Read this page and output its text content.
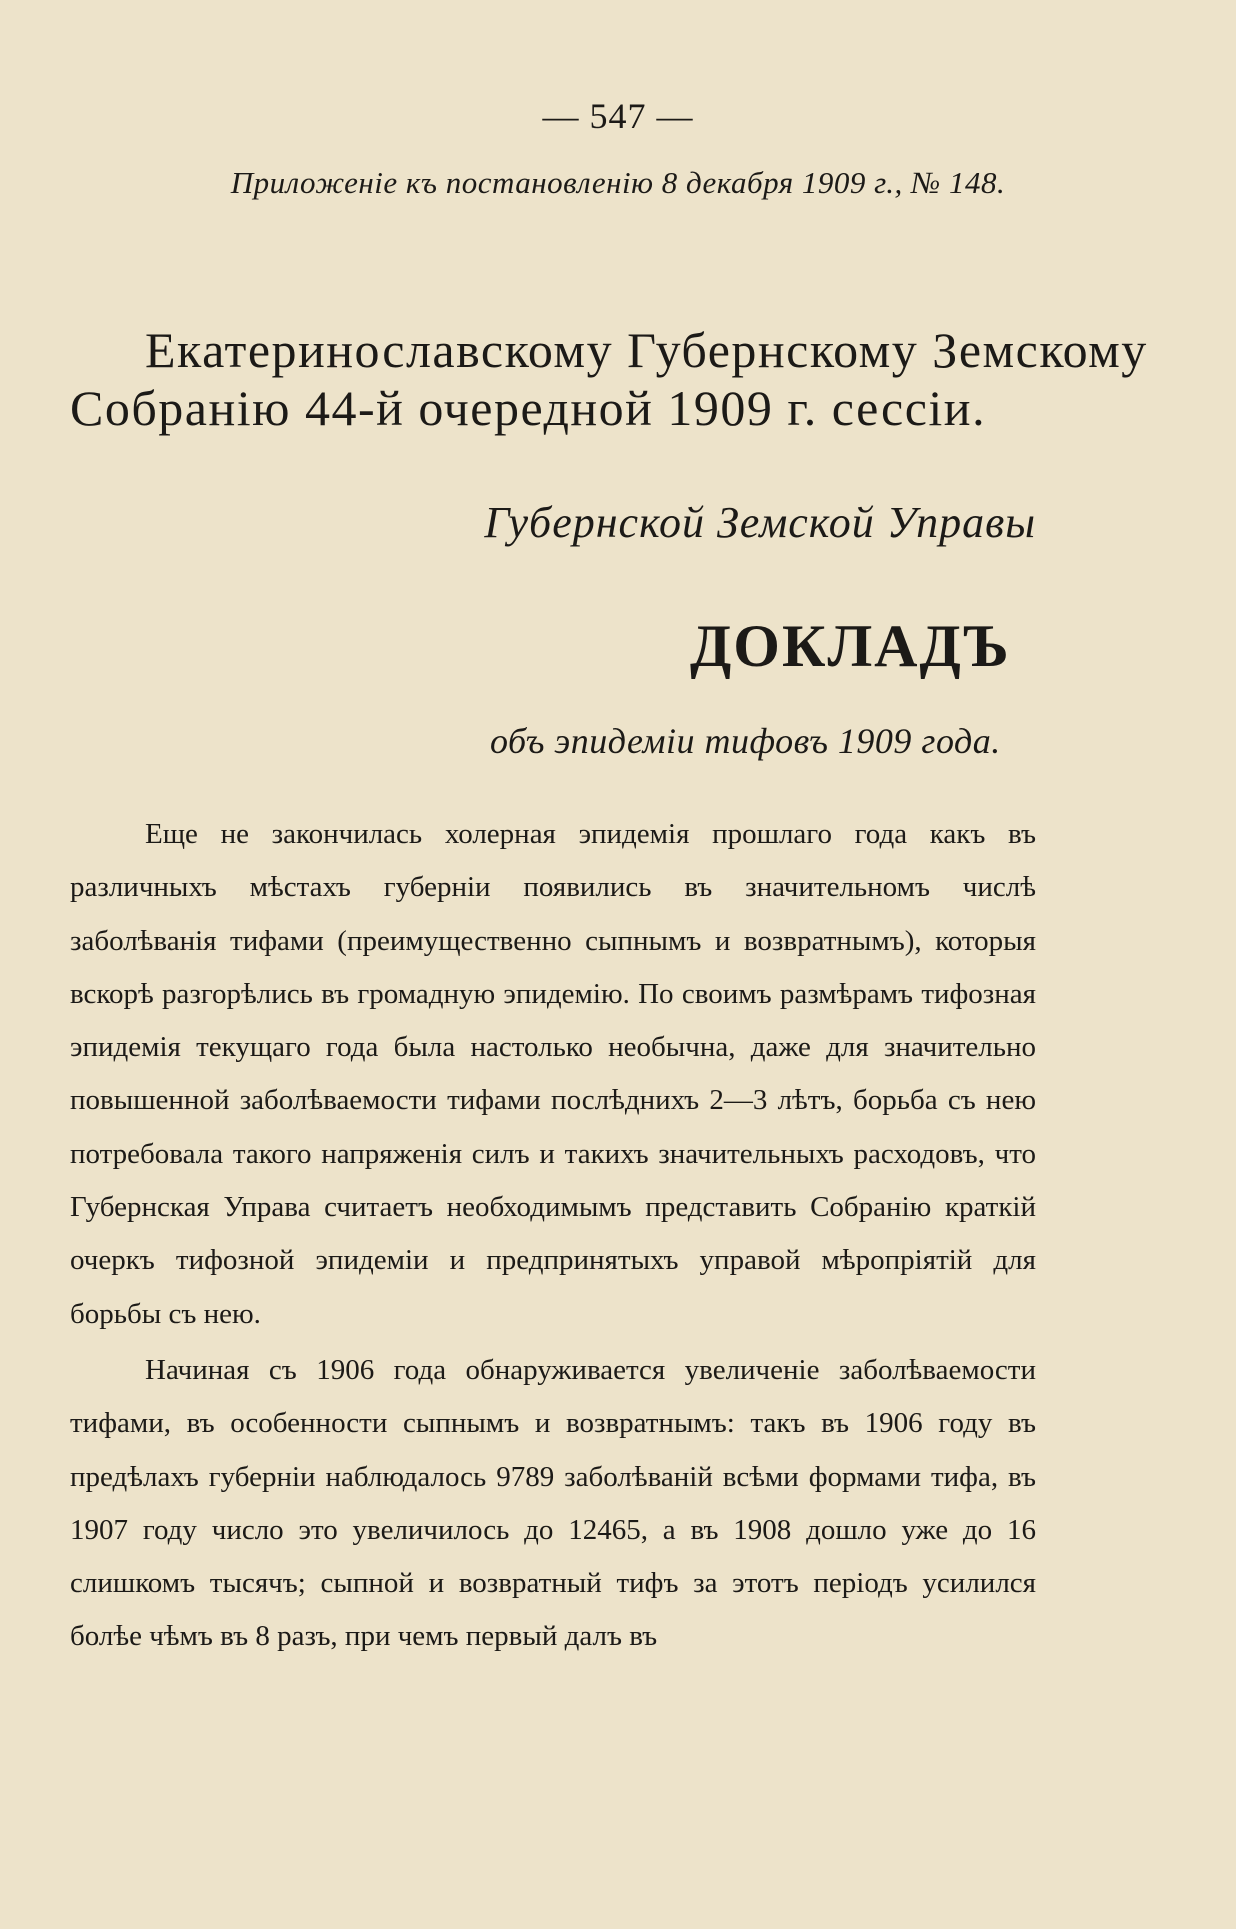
— 547 —
Приложеніе къ постановленію 8 декабря 1909 г., № 148.
Екатеринославскому Губернскому Земскому
Собранію 44-й очередной 1909 г. сессіи.
Губернской Земской Управы
ДОКЛАДЪ
объ эпидеміи тифовъ 1909 года.

Еще не закончилась холерная эпидемія прошлаго года какъ въ различныхъ мѣстахъ губерніи появились въ значительномъ числѣ заболѣванія тифами (преимущественно сыпнымъ и возвратнымъ), которыя вскорѣ разгорѣлись въ громадную эпидемію. По своимъ размѣрамъ тифозная эпидемія текущаго года была настолько необычна, даже для значительно повышенной заболѣваемости тифами послѣднихъ 2—3 лѣтъ, борьба съ нею потребовала такого напряженія силъ и такихъ значительныхъ расходовъ, что Губернская Управа считаетъ необходимымъ представить Собранію краткій очеркъ тифозной эпидеміи и предпринятыхъ управой мѣропріятій для борьбы съ нею.

Начиная съ 1906 года обнаруживается увеличеніе заболѣваемости тифами, въ особенности сыпнымъ и возвратнымъ: такъ въ 1906 году въ предѣлахъ губерніи наблюдалось 9789 заболѣваній всѣми формами тифа, въ 1907 году число это увеличилось до 12465, а въ 1908 дошло уже до 16 слишкомъ тысячъ; сыпной и возвратный тифъ за этотъ періодъ усилился болѣе чѣмъ въ 8 разъ, при чемъ первый далъ въ
